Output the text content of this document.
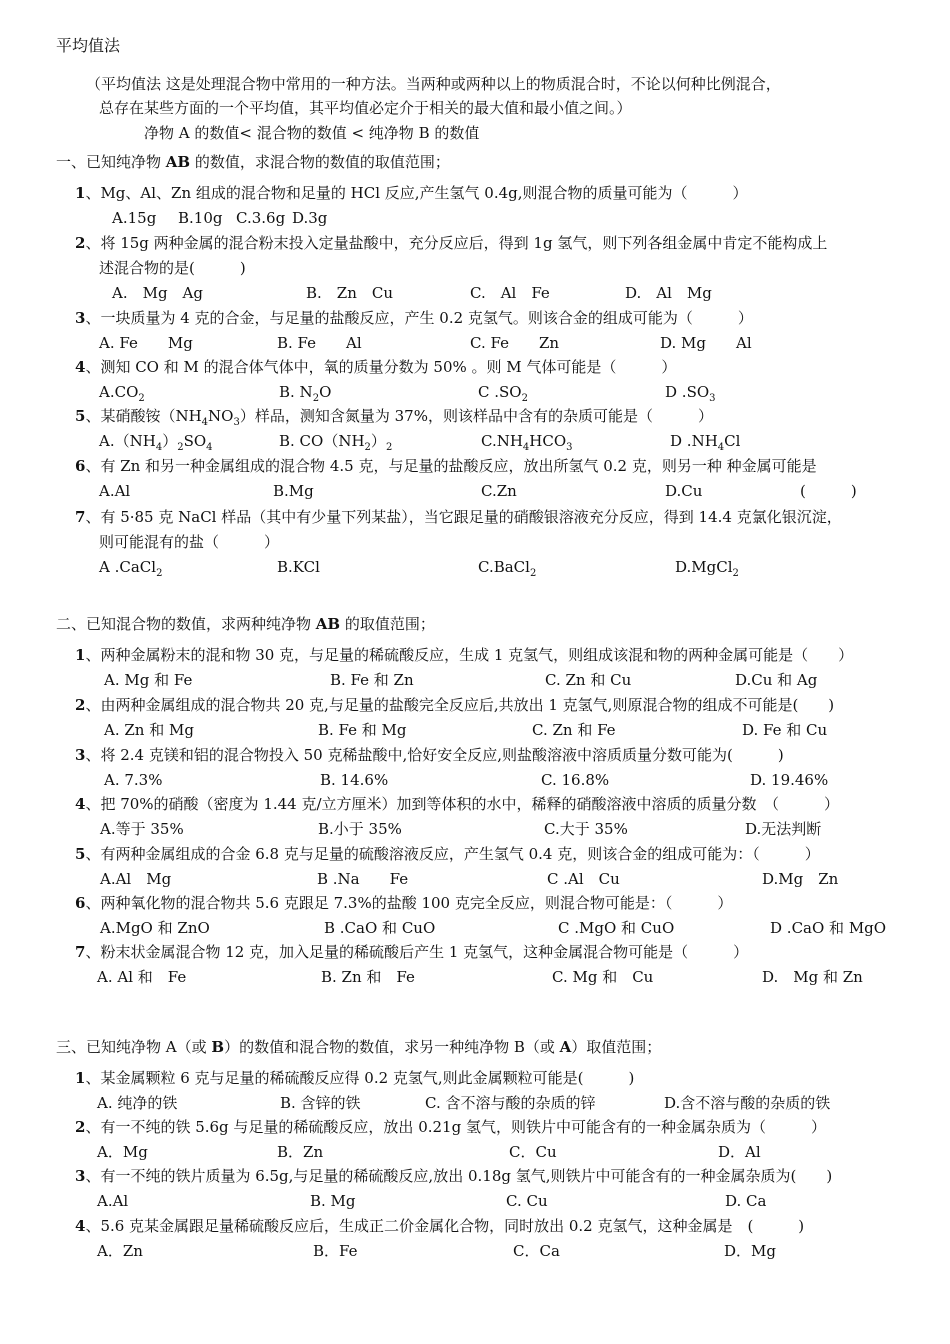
平均值法
（平均值法 这是处理混合物中常用的一种方法。当两种或两种以上的物质混合时，不论以何种比例混合，
总存在某些方面的一个平均值，其平均值必定介于相关的最大值和最小值之间。）
净物 A 的数值< 混合物的数值 < 纯净物 B 的数值
一、已知纯净物 AB 的数值，求混合物的数值的取值范围；
1、Mg、Al、Zn 组成的混合物和足量的 HCl 反应,产生氢气 0.4g,则混合物的质量可能为（　　　）
A.15g B.10g C.3.6g D.3g
2、将 15g 两种金属的混合粉末投入定量盐酸中，充分反应后，得到 1g 氢气，则下列各组金属中肯定不能构成上
述混合物的是(　　　)
A.　Mg　Ag	B.　Zn　Cu	C.　Al　Fe	D.　Al　Mg
3、一块质量为 4 克的合金，与足量的盐酸反应，产生 0.2 克氢气。则该合金的组成可能为（　　　）
A. Fe　　Mg	B. Fe　　Al	C. Fe　　Zn	D. Mg　　Al
4、测知 CO 和 M 的混合体气体中，氧的质量分数为 50% 。则 M 气体可能是（　　　）
$A.CO_2$	B. $N_2O$	C $.SO_2$	D $.SO_3$
5、某硝酸铵$(NH_4NO_3)$样品，测知含氮量为 37%，则该样品中含有的杂质可能是（　　　）
$A.(NH_4)_2SO_4$	B. $CO(NH_2)_2$	$C.NH_4HCO_3$	D $.NH_4Cl$
6、有 Zn 和另一种金属组成的混合物 4.5 克，与足量的盐酸反应，放出所氢气 0.2 克，则另一种 种金属可能是
A.Al	B.Mg	C.Zn	D.Cu	(　　　)
7、有 5·85 克 NaCl 样品（其中有少量下列某盐），当它跟足量的硝酸银溶液充分反应，得到 14.4 克氯化银沉淀，
则可能混有的盐（　　　）
A .CaCl$_2$	B.KCl	C.BaCl$_2$	D.MgCl$_2$
二、已知混合物的数值，求两种纯净物 AB 的取值范围；
1、两种金属粉末的混和物 30 克，与足量的稀硫酸反应，生成 1 克氢气，则组成该混和物的两种金属可能是（　　）
A. Mg 和 Fe	B. Fe 和 Zn	C. Zn 和 Cu	D.Cu 和 Ag
2、由两种金属组成的混合物共 20 克,与足量的盐酸完全反应后,共放出 1 克氢气,则原混合物的组成不可能是(　　)
A. Zn 和 Mg	B. Fe 和 Mg	C. Zn 和 Fe	D. Fe 和 Cu
3、将 2.4 克镁和铝的混合物投入 50 克稀盐酸中,恰好安全反应,则盐酸溶液中溶质质量分数可能为(　　　)
A. 7.3%	B. 14.6%	C. 16.8%	D. 19.46%
4、把 70%的硝酸（密度为 1.44 克/立方厘米）加到等体积的水中，稀释的硝酸溶液中溶质的质量分数　（　　　）
A.等于 35%	B.小于 35%	C.大于 35%	D.无法判断
5、有两种金属组成的合金 6.8 克与足量的硫酸溶液反应，产生氢气 0.4 克，则该合金的组成可能为：（　　　）
A.Al　Mg	B .Na　　Fe	C .Al　Cu	D.Mg　Zn
6、两种氧化物的混合物共 5.6 克跟足 7.3%的盐酸 100 克完全反应，则混合物可能是：（　　　）
A.MgO 和 ZnO	B .CaO 和 CuO	C .MgO 和 CuO	D .CaO 和 MgO
7、粉末状金属混合物 12 克，加入足量的稀硫酸后产生 1 克氢气，这种金属混合物可能是（　　　）
A. Al 和　Fe	B. Zn 和　Fe	C. Mg 和　Cu	D.　Mg 和 Zn
三、已知纯净物 A（或 B）的数值和混合物的数值，求另一种纯净物 B（或 A）取值范围；
1、某金属颗粒 6 克与足量的稀硫酸反应得 0.2 克氢气,则此金属颗粒可能是(　　　)
A. 纯净的铁	B. 含锌的铁	C. 含不溶与酸的杂质的锌	D.含不溶与酸的杂质的铁
2、有一不纯的铁 5.6g 与足量的稀硫酸反应，放出 0.21g 氢气，则铁片中可能含有的一种金属杂质为（　　　）
A．Mg	B．Zn	C．Cu	D．Al
3、有一不纯的铁片质量为 6.5g,与足量的稀硫酸反应,放出 0.18g 氢气,则铁片中可能含有的一种金属杂质为(　　)
A.Al	B. Mg	C. Cu	D. Ca
4、5.6 克某金属跟足量稀硫酸反应后，生成正二价金属化合物，同时放出 0.2 克氢气，这种金属是　(　　　)
A．Zn	B．Fe	C．Ca	D．Mg
